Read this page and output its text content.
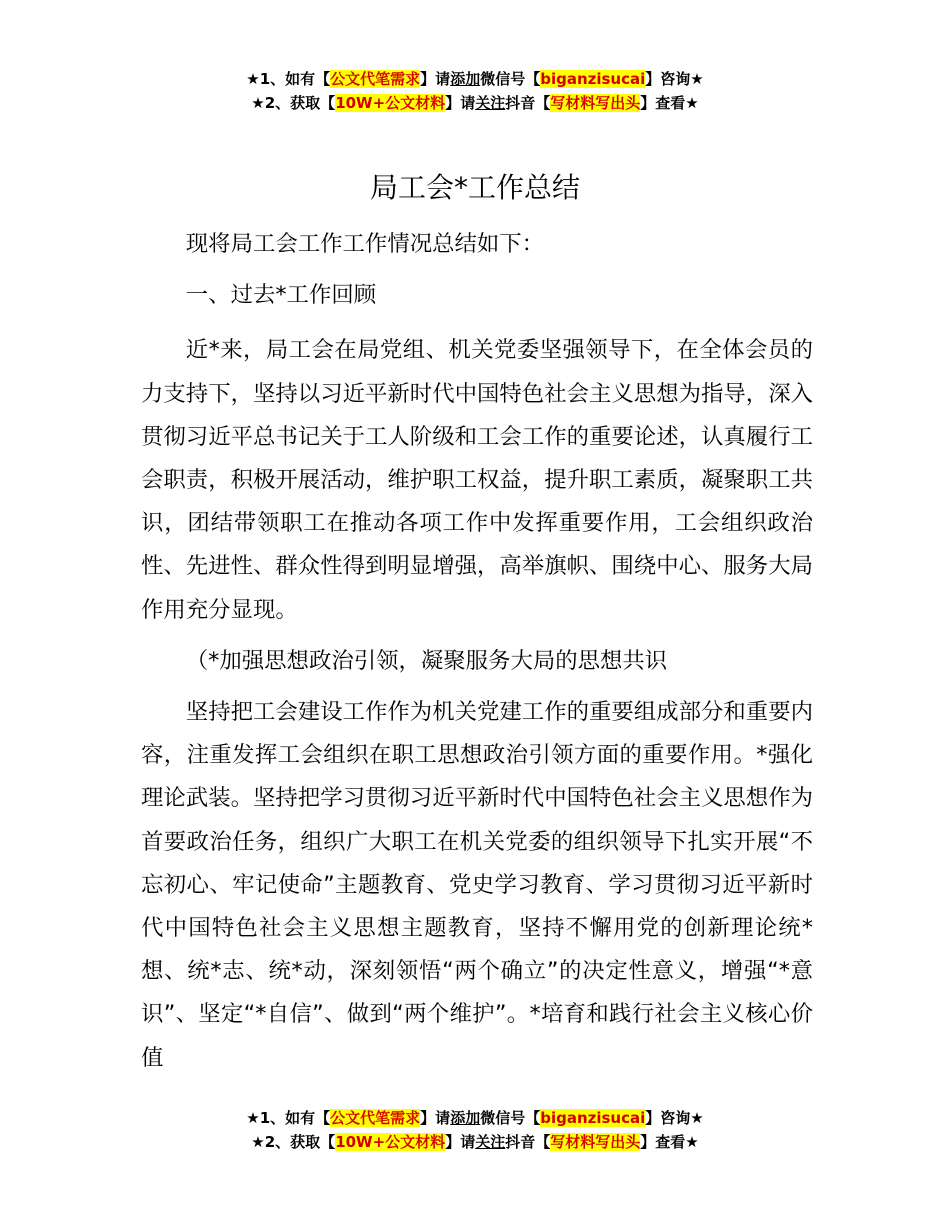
★1、如有【公文代笔需求】请添加微信号【biganzisucai】咨询★
★2、获取【10W+公文材料】请关注抖音【写材料写出头】查看★
局工会*工作总结

现将局工会工作工作情况总结如下：

一、过去*工作回顾

近*来，局工会在局党组、机关党委坚强领导下，在全体会员的力支持下，坚持以习近平新时代中国特色社会主义思想为指导，深入贯彻习近平总书记关于工人阶级和工会工作的重要论述，认真履行工会职责，积极开展活动，维护职工权益，提升职工素质，凝聚职工共识，团结带领职工在推动各项工作中发挥重要作用，工会组织政治性、先进性、群众性得到明显增强，高举旗帜、围绕中心、服务大局作用充分显现。

（*加强思想政治引领，凝聚服务大局的思想共识

坚持把工会建设工作作为机关党建工作的重要组成部分和重要内容，注重发挥工会组织在职工思想政治引领方面的重要作用。*强化理论武装。坚持把学习贯彻习近平新时代中国特色社会主义思想作为首要政治任务，组织广大职工在机关党委的组织领导下扎实开展“不忘初心、牢记使命”主题教育、党史学习教育、学习贯彻习近平新时代中国特色社会主义思想主题教育，坚持不懈用党的创新理论统*想、统*志、统*动，深刻领悟“两个确立”的决定性意义，增强“*意识”、坚定“*自信”、做到“两个维护”。*培育和践行社会主义核心价值

★1、如有【公文代笔需求】请添加微信号【biganzisucai】咨询★
★2、获取【10W+公文材料】请关注抖音【写材料写出头】查看★
